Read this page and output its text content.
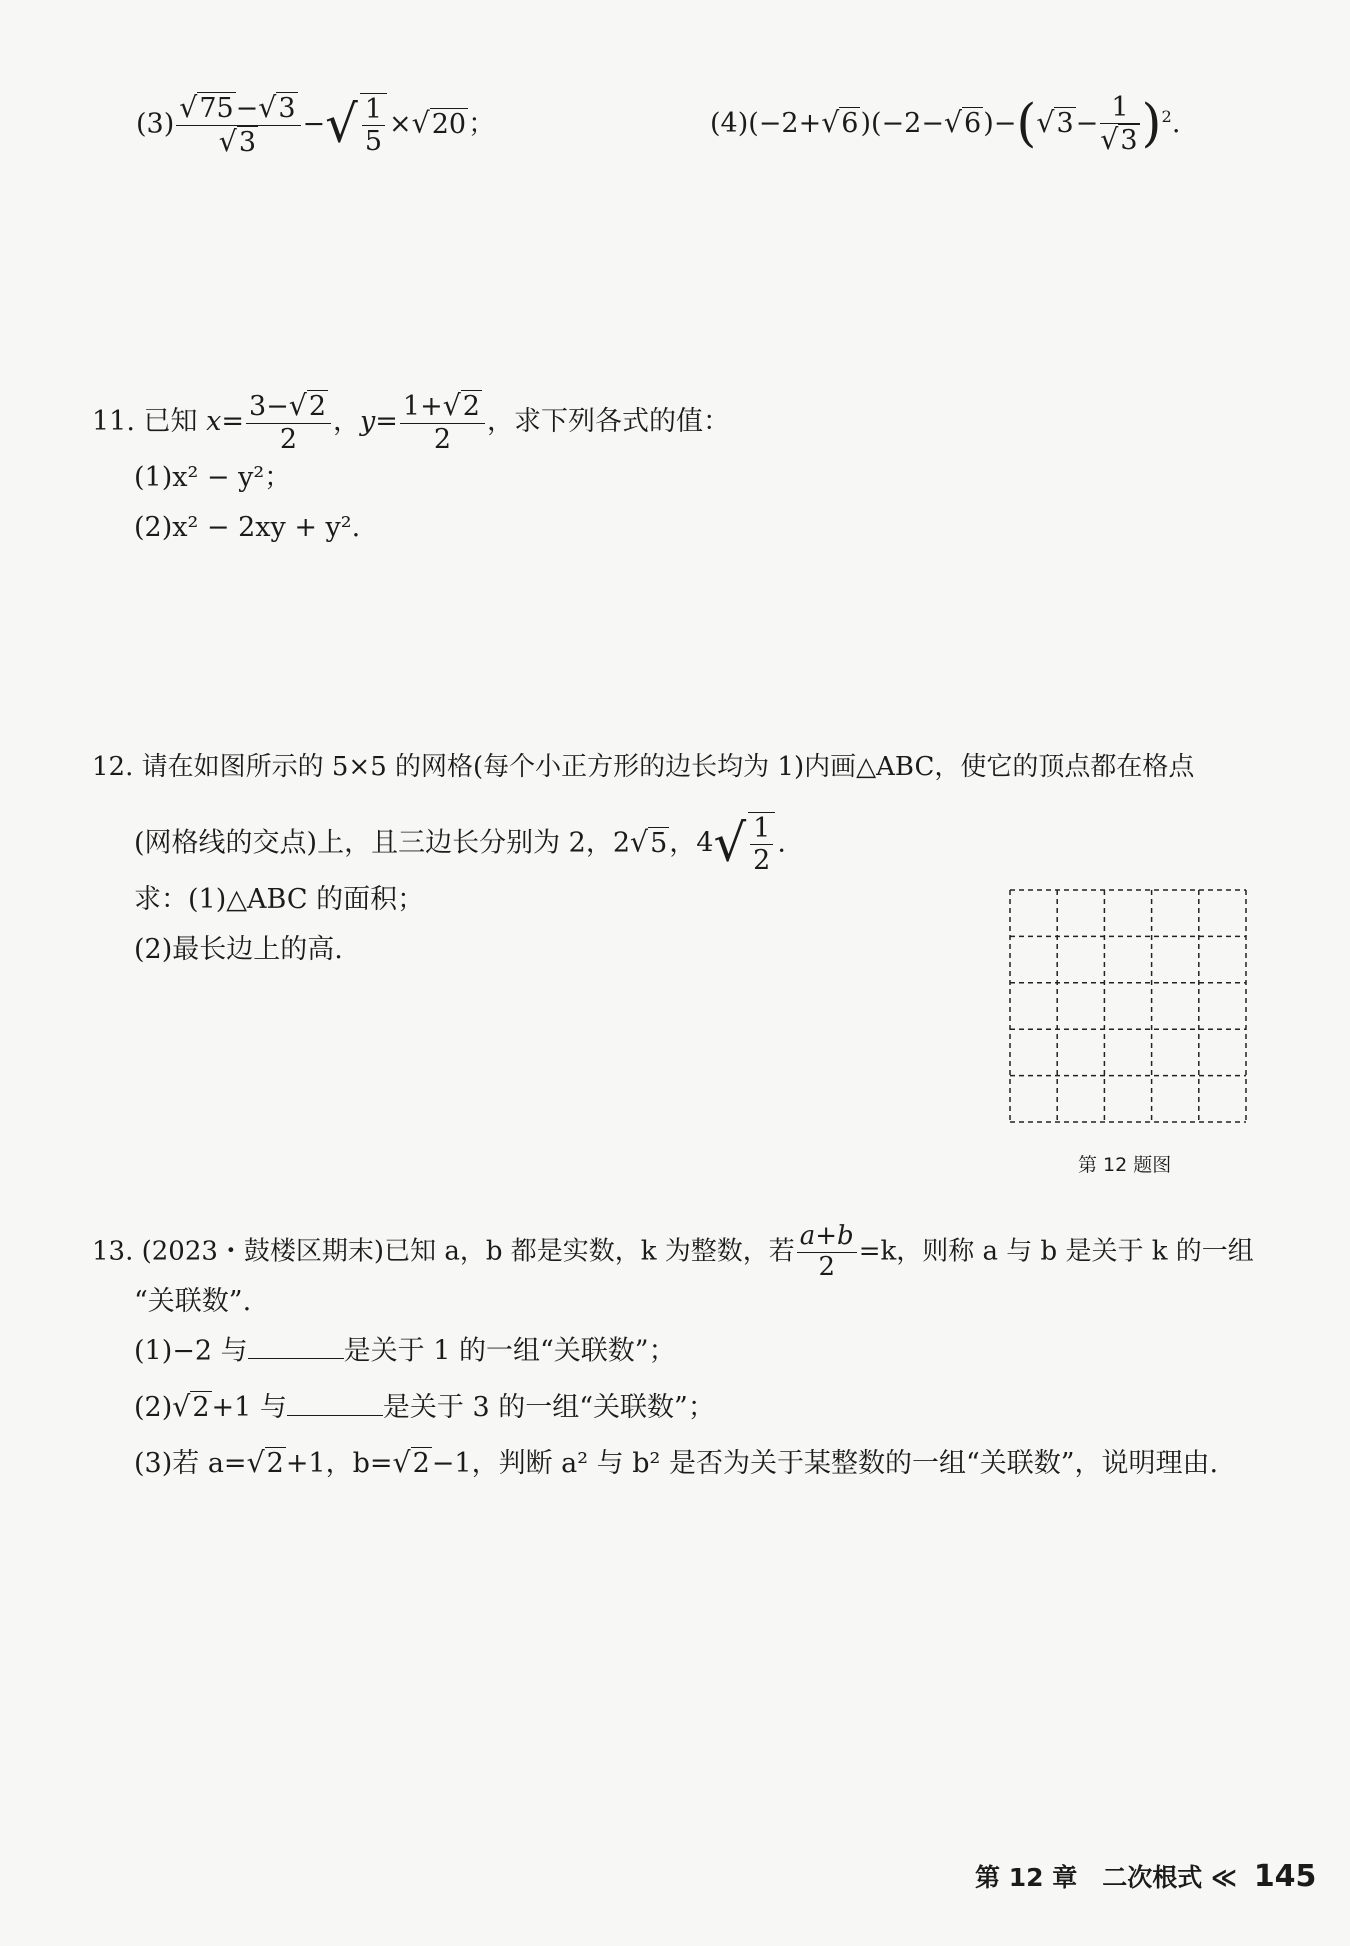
$(3) \frac{√75-√3}{√3}$ −√ $\frac{1}{5} \times√20$；	$(4)(-2+√6)(-2-√6)-(√3- \frac{1}{√3} )^2$.
11. 已知 $x= \frac{3-√2}{2}$ ，$y= \frac{1+√2}{2}$ ，求下列各式的值：
(1)x² − y²；
(2)x² − 2xy + y².
12. 请在如图所示的 5×5 的网格(每个小正方形的边长均为 1)内画△ABC，使它的顶点都在格点
(网格线的交点)上，且三边长分别为 2，2√5，$4√ \frac{1}{2}$ .
求：(1)△ABC 的面积；
(2)最长边上的高.
第 12 题图
13. (2023・鼓楼区期末)已知 a，b 都是实数，k 为整数，若 $\frac{a+b}{2} =k$，则称 a 与 b 是关于 k 的一组
“关联数”.
(1)−2 与	是关于 1 的一组“关联数”；
(2)√2+1 与	是关于 3 的一组“关联数”；
(3)若 a=√2+1，b=√2−1，判断 a² 与 b² 是否为关于某整数的一组“关联数”，说明理由.
第 12 章　二次根式 ≪ 145
